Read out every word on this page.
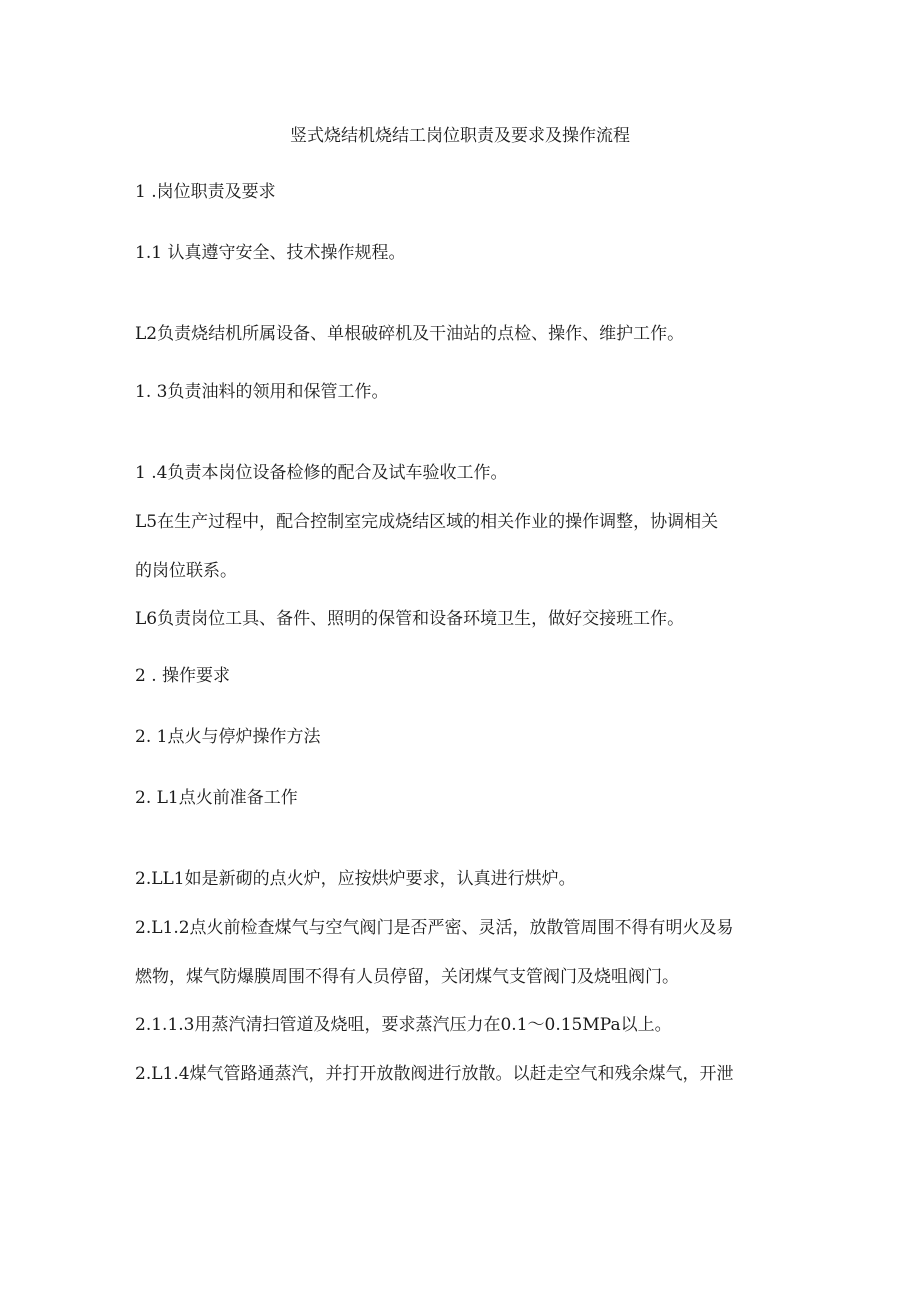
竖式烧结机烧结工岗位职责及要求及操作流程
1 .岗位职责及要求
1.1 认真遵守安全、技术操作规程。
L2负责烧结机所属设备、单根破碎机及干油站的点检、操作、维护工作。
1. 3负责油料的领用和保管工作。
1 .4负责本岗位设备检修的配合及试车验收工作。
L5在生产过程中，配合控制室完成烧结区域的相关作业的操作调整，协调相关
的岗位联系。
L6负责岗位工具、备件、照明的保管和设备环境卫生，做好交接班工作。
2 . 操作要求
2. 1点火与停炉操作方法
2. L1点火前准备工作
2.LL1如是新砌的点火炉，应按烘炉要求，认真进行烘炉。
2.L1.2点火前检查煤气与空气阀门是否严密、灵活，放散管周围不得有明火及易
燃物，煤气防爆膜周围不得有人员停留，关闭煤气支管阀门及烧咀阀门。
2.1.1.3用蒸汽清扫管道及烧咀，要求蒸汽压力在0.1～0.15MPa以上。
2.L1.4煤气管路通蒸汽，并打开放散阀进行放散。以赶走空气和残余煤气，开泄
